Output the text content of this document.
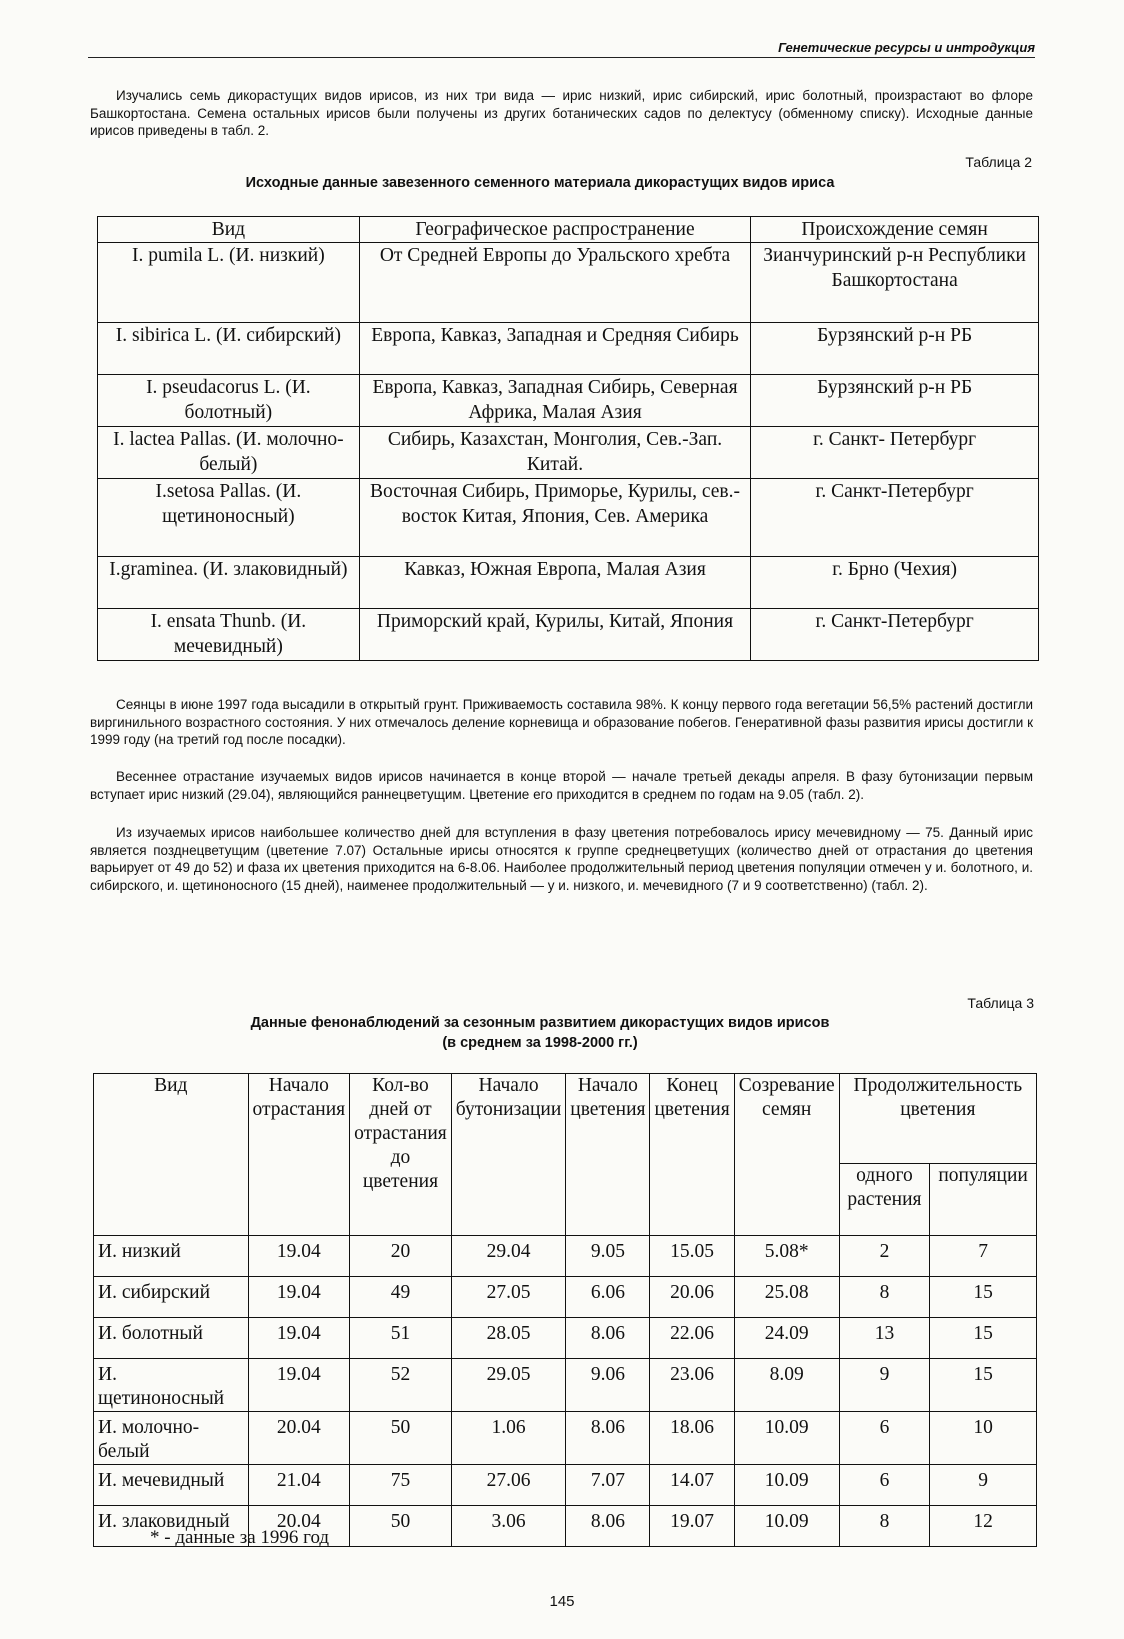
Генетические ресурсы и интродукция

Изучались семь дикорастущих видов ирисов, из них три вида — ирис низкий, ирис сибирский, ирис болотный, произрастают во флоре Башкортостана. Семена остальных ирисов были получены из других ботанических садов по делектусу (обменному списку). Исходные данные ирисов приведены в табл. 2.

Таблица 2
Исходные данные завезенного семенного материала дикорастущих видов ириса
Вид	Географическое распространение	Происхождение семян
I. pumila L. (И. низкий)	От Средней Европы до Уральского хребта	Зианчуринский р-н Республики Башкортостана
I. sibirica L. (И. сибирский)	Европа, Кавказ, Западная и Средняя Сибирь	Бурзянский р-н РБ
I. pseudacorus L. (И. болотный)	Европа, Кавказ, Западная Сибирь, Северная Африка, Малая Азия	Бурзянский р-н РБ
I. lactea Pallas. (И. молочно-белый)	Сибирь, Казахстан, Монголия, Сев.-Зап. Китай.	г. Санкт- Петербург
I.setosa Pallas. (И. щетиноносный)	Восточная Сибирь, Приморье, Курилы, сев.-восток Китая, Япония, Сев. Америка	г. Санкт-Петербург
I.graminea. (И. злаковидный)	Кавказ, Южная Европа, Малая Азия	г. Брно (Чехия)
I. ensata Thunb. (И. мечевидный)	Приморский край, Курилы, Китай, Япония	г. Санкт-Петербург

Сеянцы в июне 1997 года высадили в открытый грунт. Приживаемость составила 98%. К концу первого года вегетации 56,5% растений достигли виргинильного возрастного состояния. У них отмечалось деление корневища и образование побегов. Генеративной фазы развития ирисы достигли к 1999 году (на третий год после посадки).

Весеннее отрастание изучаемых видов ирисов начинается в конце второй — начале третьей декады апреля. В фазу бутонизации первым вступает ирис низкий (29.04), являющийся раннецветущим. Цветение его приходится в среднем по годам на 9.05 (табл. 2).

Из изучаемых ирисов наибольшее количество дней для вступления в фазу цветения потребовалось ирису мечевидному — 75. Данный ирис является позднецветущим (цветение 7.07) Остальные ирисы относятся к группе среднецветущих (количество дней от отрастания до цветения варьирует от 49 до 52) и фаза их цветения приходится на 6-8.06. Наиболее продолжительный период цветения популяции отмечен у и. болотного, и. сибирского, и. щетиноносного (15 дней), наименее продолжительный — у и. низкого, и. мечевидного (7 и 9 соответственно) (табл. 2).

Таблица 3
Данные фенонаблюдений за сезонным развитием дикорастущих видов ирисов
(в среднем за 1998-2000 гг.)
Вид	Начало отрастания	Кол-во дней от отрастания до цветения	Начало бутонизации	Начало цветения	Конец цветения	Созревание семян	Продолжительность цветения	
							одного растения	популяции
И. низкий	19.04	20	29.04	9.05	15.05	5.08*	2	7
И. сибирский	19.04	49	27.05	6.06	20.06	25.08	8	15
И. болотный	19.04	51	28.05	8.06	22.06	24.09	13	15
И. щетиноносный	19.04	52	29.05	9.06	23.06	8.09	9	15
И. молочно-белый	20.04	50	1.06	8.06	18.06	10.09	6	10
И. мечевидный	21.04	75	27.06	7.07	14.07	10.09	6	9
И. злаковидный	20.04	50	3.06	8.06	19.07	10.09	8	12
* - данные за 1996 год
145
